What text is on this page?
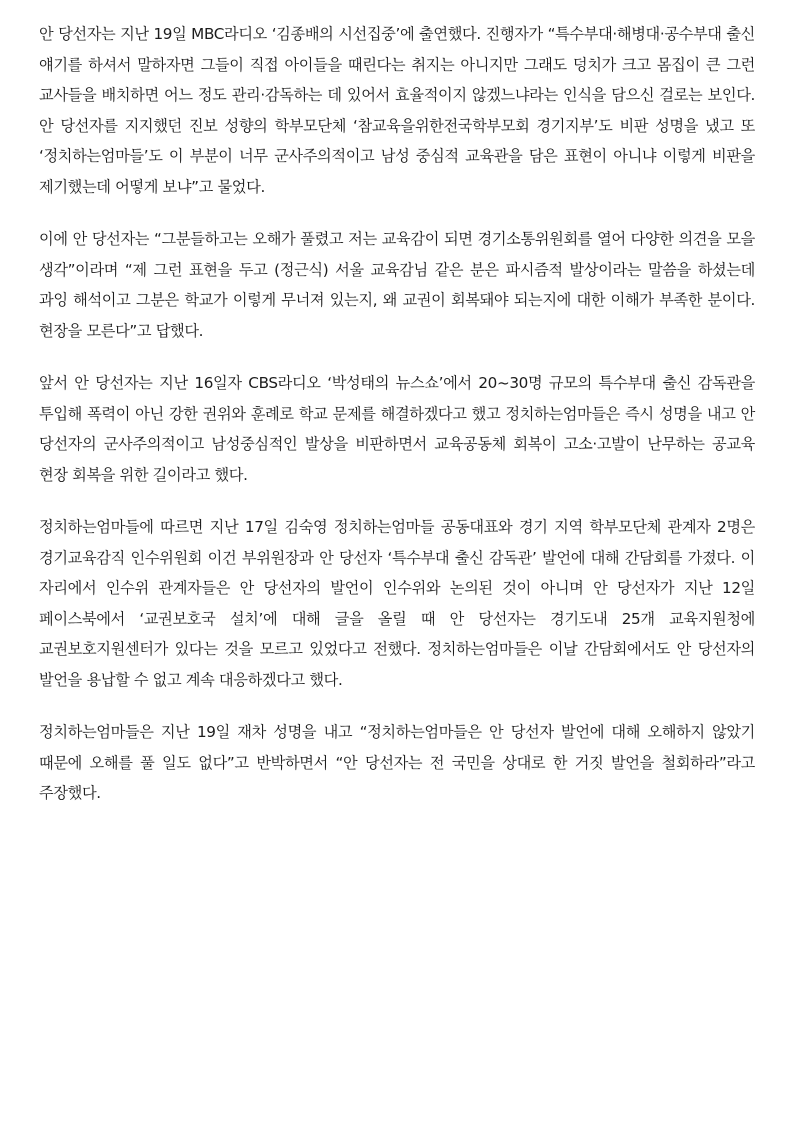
안 당선자는 지난 19일 MBC라디오 ‘김종배의 시선집중’에 출연했다. 진행자가 “특수부대·해병대·공수부대 출신 얘기를 하셔서 말하자면 그들이 직접 아이들을 때린다는 취지는 아니지만 그래도 덩치가 크고 몸집이 큰 그런 교사들을 배치하면 어느 정도 관리·감독하는 데 있어서 효율적이지 않겠느냐라는 인식을 담으신 걸로는 보인다. 안 당선자를 지지했던 진보 성향의 학부모단체 ‘참교육을위한전국학부모회 경기지부’도 비판 성명을 냈고 또 ‘정치하는엄마들’도 이 부분이 너무 군사주의적이고 남성 중심적 교육관을 담은 표현이 아니냐 이렇게 비판을 제기했는데 어떻게 보냐”고 물었다.

이에 안 당선자는 “그분들하고는 오해가 풀렸고 저는 교육감이 되면 경기소통위원회를 열어 다양한 의견을 모을 생각”이라며 “제 그런 표현을 두고 (정근식) 서울 교육감님 같은 분은 파시즘적 발상이라는 말씀을 하셨는데 과잉 해석이고 그분은 학교가 이렇게 무너져 있는지, 왜 교권이 회복돼야 되는지에 대한 이해가 부족한 분이다. 현장을 모른다”고 답했다.

앞서 안 당선자는 지난 16일자 CBS라디오 ‘박성태의 뉴스쇼’에서 20~30명 규모의 특수부대 출신 감독관을 투입해 폭력이 아닌 강한 권위와 훈례로 학교 문제를 해결하겠다고 했고 정치하는엄마들은 즉시 성명을 내고 안 당선자의 군사주의적이고 남성중심적인 발상을 비판하면서 교육공동체 회복이 고소·고발이 난무하는 공교육 현장 회복을 위한 길이라고 했다.

정치하는엄마들에 따르면 지난 17일 김숙영 정치하는엄마들 공동대표와 경기 지역 학부모단체 관계자 2명은 경기교육감직 인수위원회 이건 부위원장과 안 당선자 ‘특수부대 출신 감독관’ 발언에 대해 간담회를 가졌다. 이 자리에서 인수위 관계자들은 안 당선자의 발언이 인수위와 논의된 것이 아니며 안 당선자가 지난 12일 페이스북에서 ‘교권보호국 설치’에 대해 글을 올릴 때 안 당선자는 경기도내 25개 교육지원청에 교권보호지원센터가 있다는 것을 모르고 있었다고 전했다. 정치하는엄마들은 이날 간담회에서도 안 당선자의 발언을 용납할 수 없고 계속 대응하겠다고 했다.

정치하는엄마들은 지난 19일 재차 성명을 내고 “정치하는엄마들은 안 당선자 발언에 대해 오해하지 않았기 때문에 오해를 풀 일도 없다”고 반박하면서 “안 당선자는 전 국민을 상대로 한 거짓 발언을 철회하라”라고 주장했다.
